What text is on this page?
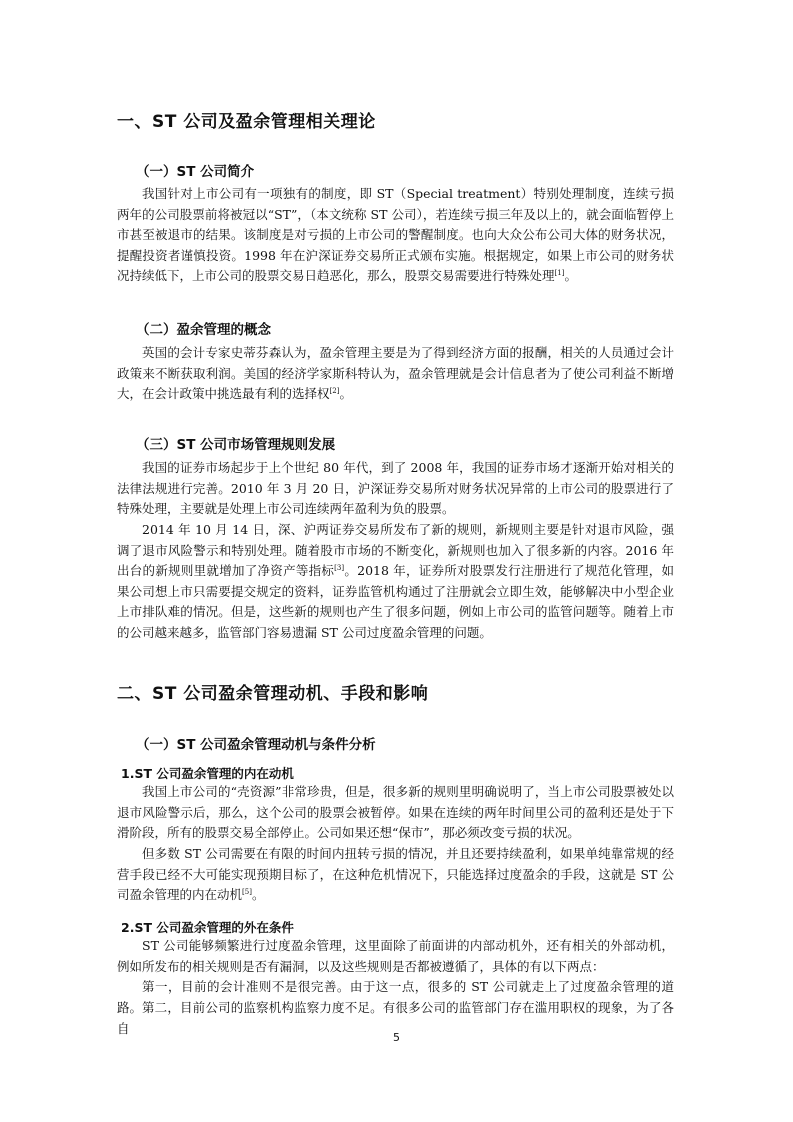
一、ST 公司及盈余管理相关理论
（一）ST 公司简介

我国针对上市公司有一项独有的制度，即 ST（Special treatment）特别处理制度，连续亏损两年的公司股票前将被冠以“ST”，（本文统称 ST 公司），若连续亏损三年及以上的，就会面临暂停上市甚至被退市的结果。该制度是对亏损的上市公司的警醒制度。也向大众公布公司大体的财务状况，提醒投资者谨慎投资。1998 年在沪深证券交易所正式颁布实施。根据规定，如果上市公司的财务状况持续低下，上市公司的股票交易日趋恶化，那么，股票交易需要进行特殊处理[1]。

（二）盈余管理的概念

英国的会计专家史蒂芬森认为，盈余管理主要是为了得到经济方面的报酬，相关的人员通过会计政策来不断获取利润。美国的经济学家斯科特认为，盈余管理就是会计信息者为了使公司利益不断增大，在会计政策中挑选最有利的选择权[2]。

（三）ST 公司市场管理规则发展

我国的证券市场起步于上个世纪 80 年代，到了 2008 年，我国的证券市场才逐渐开始对相关的法律法规进行完善。2010 年 3 月 20 日，沪深证券交易所对财务状况异常的上市公司的股票进行了特殊处理，主要就是处理上市公司连续两年盈利为负的股票。

2014 年 10 月 14 日，深、沪两证券交易所发布了新的规则，新规则主要是针对退市风险，强调了退市风险警示和特别处理。随着股市市场的不断变化，新规则也加入了很多新的内容。2016 年出台的新规则里就增加了净资产等指标[3]。2018 年，证券所对股票发行注册进行了规范化管理，如果公司想上市只需要提交规定的资料，证券监管机构通过了注册就会立即生效，能够解决中小型企业上市排队难的情况。但是，这些新的规则也产生了很多问题，例如上市公司的监管问题等。随着上市的公司越来越多，监管部门容易遗漏 ST 公司过度盈余管理的问题。

二、ST 公司盈余管理动机、手段和影响
（一）ST 公司盈余管理动机与条件分析
1.ST 公司盈余管理的内在动机

我国上市公司的“壳资源”非常珍贵，但是，很多新的规则里明确说明了，当上市公司股票被处以退市风险警示后，那么，这个公司的股票会被暂停。如果在连续的两年时间里公司的盈利还是处于下滑阶段，所有的股票交易全部停止。公司如果还想“保市”，那必须改变亏损的状况。

但多数 ST 公司需要在有限的时间内扭转亏损的情况，并且还要持续盈利，如果单纯靠常规的经营手段已经不大可能实现预期目标了，在这种危机情况下，只能选择过度盈余的手段，这就是 ST 公司盈余管理的内在动机[5]。

2.ST 公司盈余管理的外在条件

ST 公司能够频繁进行过度盈余管理，这里面除了前面讲的内部动机外，还有相关的外部动机，例如所发布的相关规则是否有漏洞，以及这些规则是否都被遵循了，具体的有以下两点：

第一，目前的会计准则不是很完善。由于这一点，很多的 ST 公司就走上了过度盈余管理的道路。 第二，目前公司的监察机构监察力度不足。有很多公司的监管部门存在滥用职权的现象，为了各自

5
